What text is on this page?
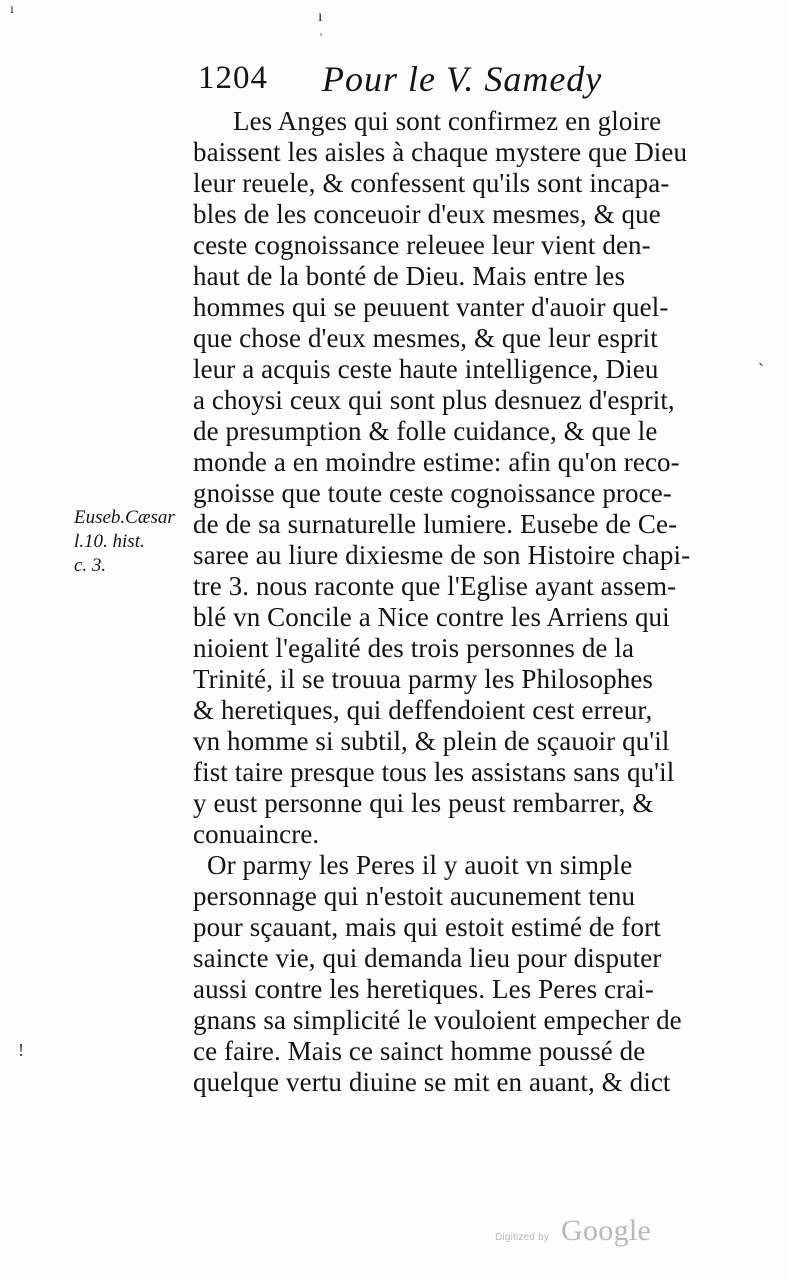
ı	ı
'
1204 Pour le V. Samedy
Les Anges qui sont confirmez en gloire
baissent les aisles à chaque mystere que Dieu
leur reuele, & confessent qu'ils sont incapa-
bles de les conceuoir d'eux mesmes, & que
ceste cognoissance releuee leur vient den-
haut de la bonté de Dieu. Mais entre les
hommes qui se peuuent vanter d'auoir quel-
que chose d'eux mesmes, & que leur esprit
leur a acquis ceste haute intelligence, Dieu
a choysi ceux qui sont plus desnuez d'esprit,
de presumption & folle cuidance, & que le
monde a en moindre estime: afin qu'on reco-
gnoisse que toute ceste cognoissance proce-
de de sa surnaturelle lumiere. Eusebe de Ce-
saree au liure dixiesme de son Histoire chapi-
tre 3. nous raconte que l'Eglise ayant assem-
blé vn Concile a Nice contre les Arriens qui
nioient l'egalité des trois personnes de la
Trinité, il se trouua parmy les Philosophes
& heretiques, qui deffendoient cest erreur,
vn homme si subtil, & plein de sçauoir qu'il
fist taire presque tous les assistans sans qu'il
y eust personne qui les peust rembarrer, &
conuaincre.
Or parmy les Peres il y auoit vn simple
personnage qui n'estoit aucunement tenu
pour sçauant, mais qui estoit estimé de fort
saincte vie, qui demanda lieu pour disputer
aussi contre les heretiques. Les Peres crai-
gnans sa simplicité le vouloient empecher de
ce faire. Mais ce sainct homme poussé de
quelque vertu diuine se mit en auant, & dict
Euseb.Cæsar
l.10. hist.
c. 3.
ˎ
!
Digitized by Google
